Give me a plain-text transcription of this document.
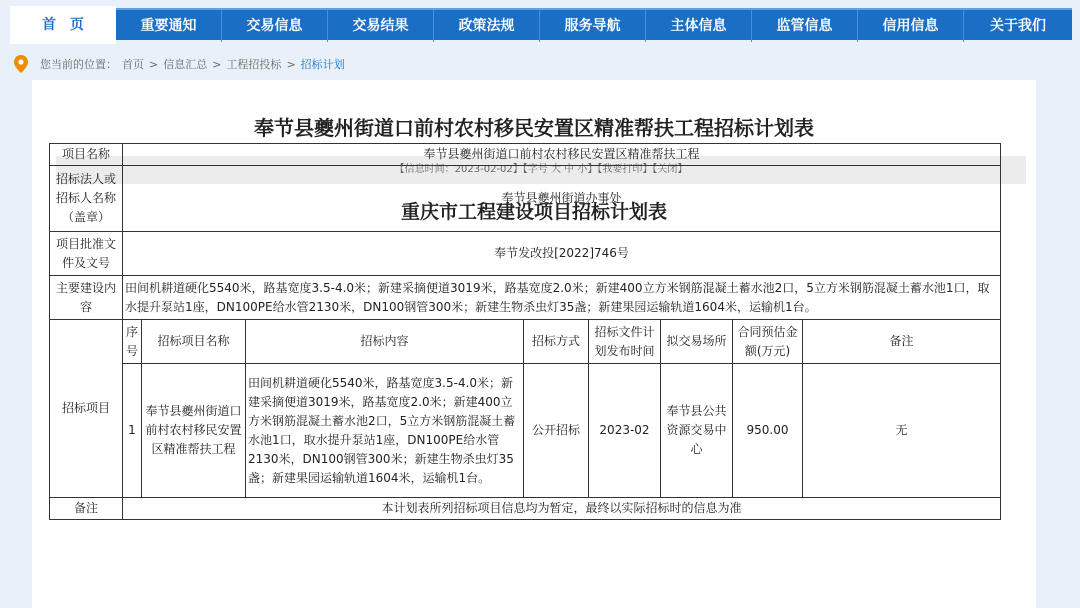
首　页	重要通知	交易信息	交易结果	政策法规	服务导航	主体信息	监管信息	信用信息	关于我们
您当前的位置： 首页 > 信息汇总 > 工程招投标 > 招标计划
奉节县夔州街道口前村农村移民安置区精准帮扶工程招标计划表
【信息时间：2023-02-02】【字号 大 中 小】【我要打印】【关闭】
重庆市工程建设项目招标计划表
项目名称	奉节县夔州街道口前村农村移民安置区精准帮扶工程							
招标法人或招标人名称（盖章）	奉节县夔州街道办事处							
项目批准文件及文号	奉节发改投[2022]746号							
主要建设内容	田间机耕道硬化5540米，路基宽度3.5-4.0米；新建采摘便道3019米，路基宽度2.0米；新建400立方米钢筋混凝土蓄水池2口，5立方米钢筋混凝土蓄水池1口，取水提升泵站1座，DN100PE给水管2130米，DN100钢管300米；新建生物杀虫灯35盏；新建果园运输轨道1604米，运输机1台。							
招标项目	序号	招标项目名称	招标内容	招标方式	招标文件计划发布时间	拟交易场所	合同预估金额(万元)	备注
	1	奉节县夔州街道口前村农村移民安置区精准帮扶工程	田间机耕道硬化5540米，路基宽度3.5-4.0米；新建采摘便道3019米，路基宽度2.0米；新建400立方米钢筋混凝土蓄水池2口，5立方米钢筋混凝土蓄水池1口，取水提升泵站1座，DN100PE给水管2130米，DN100钢管300米；新建生物杀虫灯35盏；新建果园运输轨道1604米，运输机1台。	公开招标	2023-02	奉节县公共资源交易中心	950.00	无
备注	本计划表所列招标项目信息均为暂定，最终以实际招标时的信息为准							
